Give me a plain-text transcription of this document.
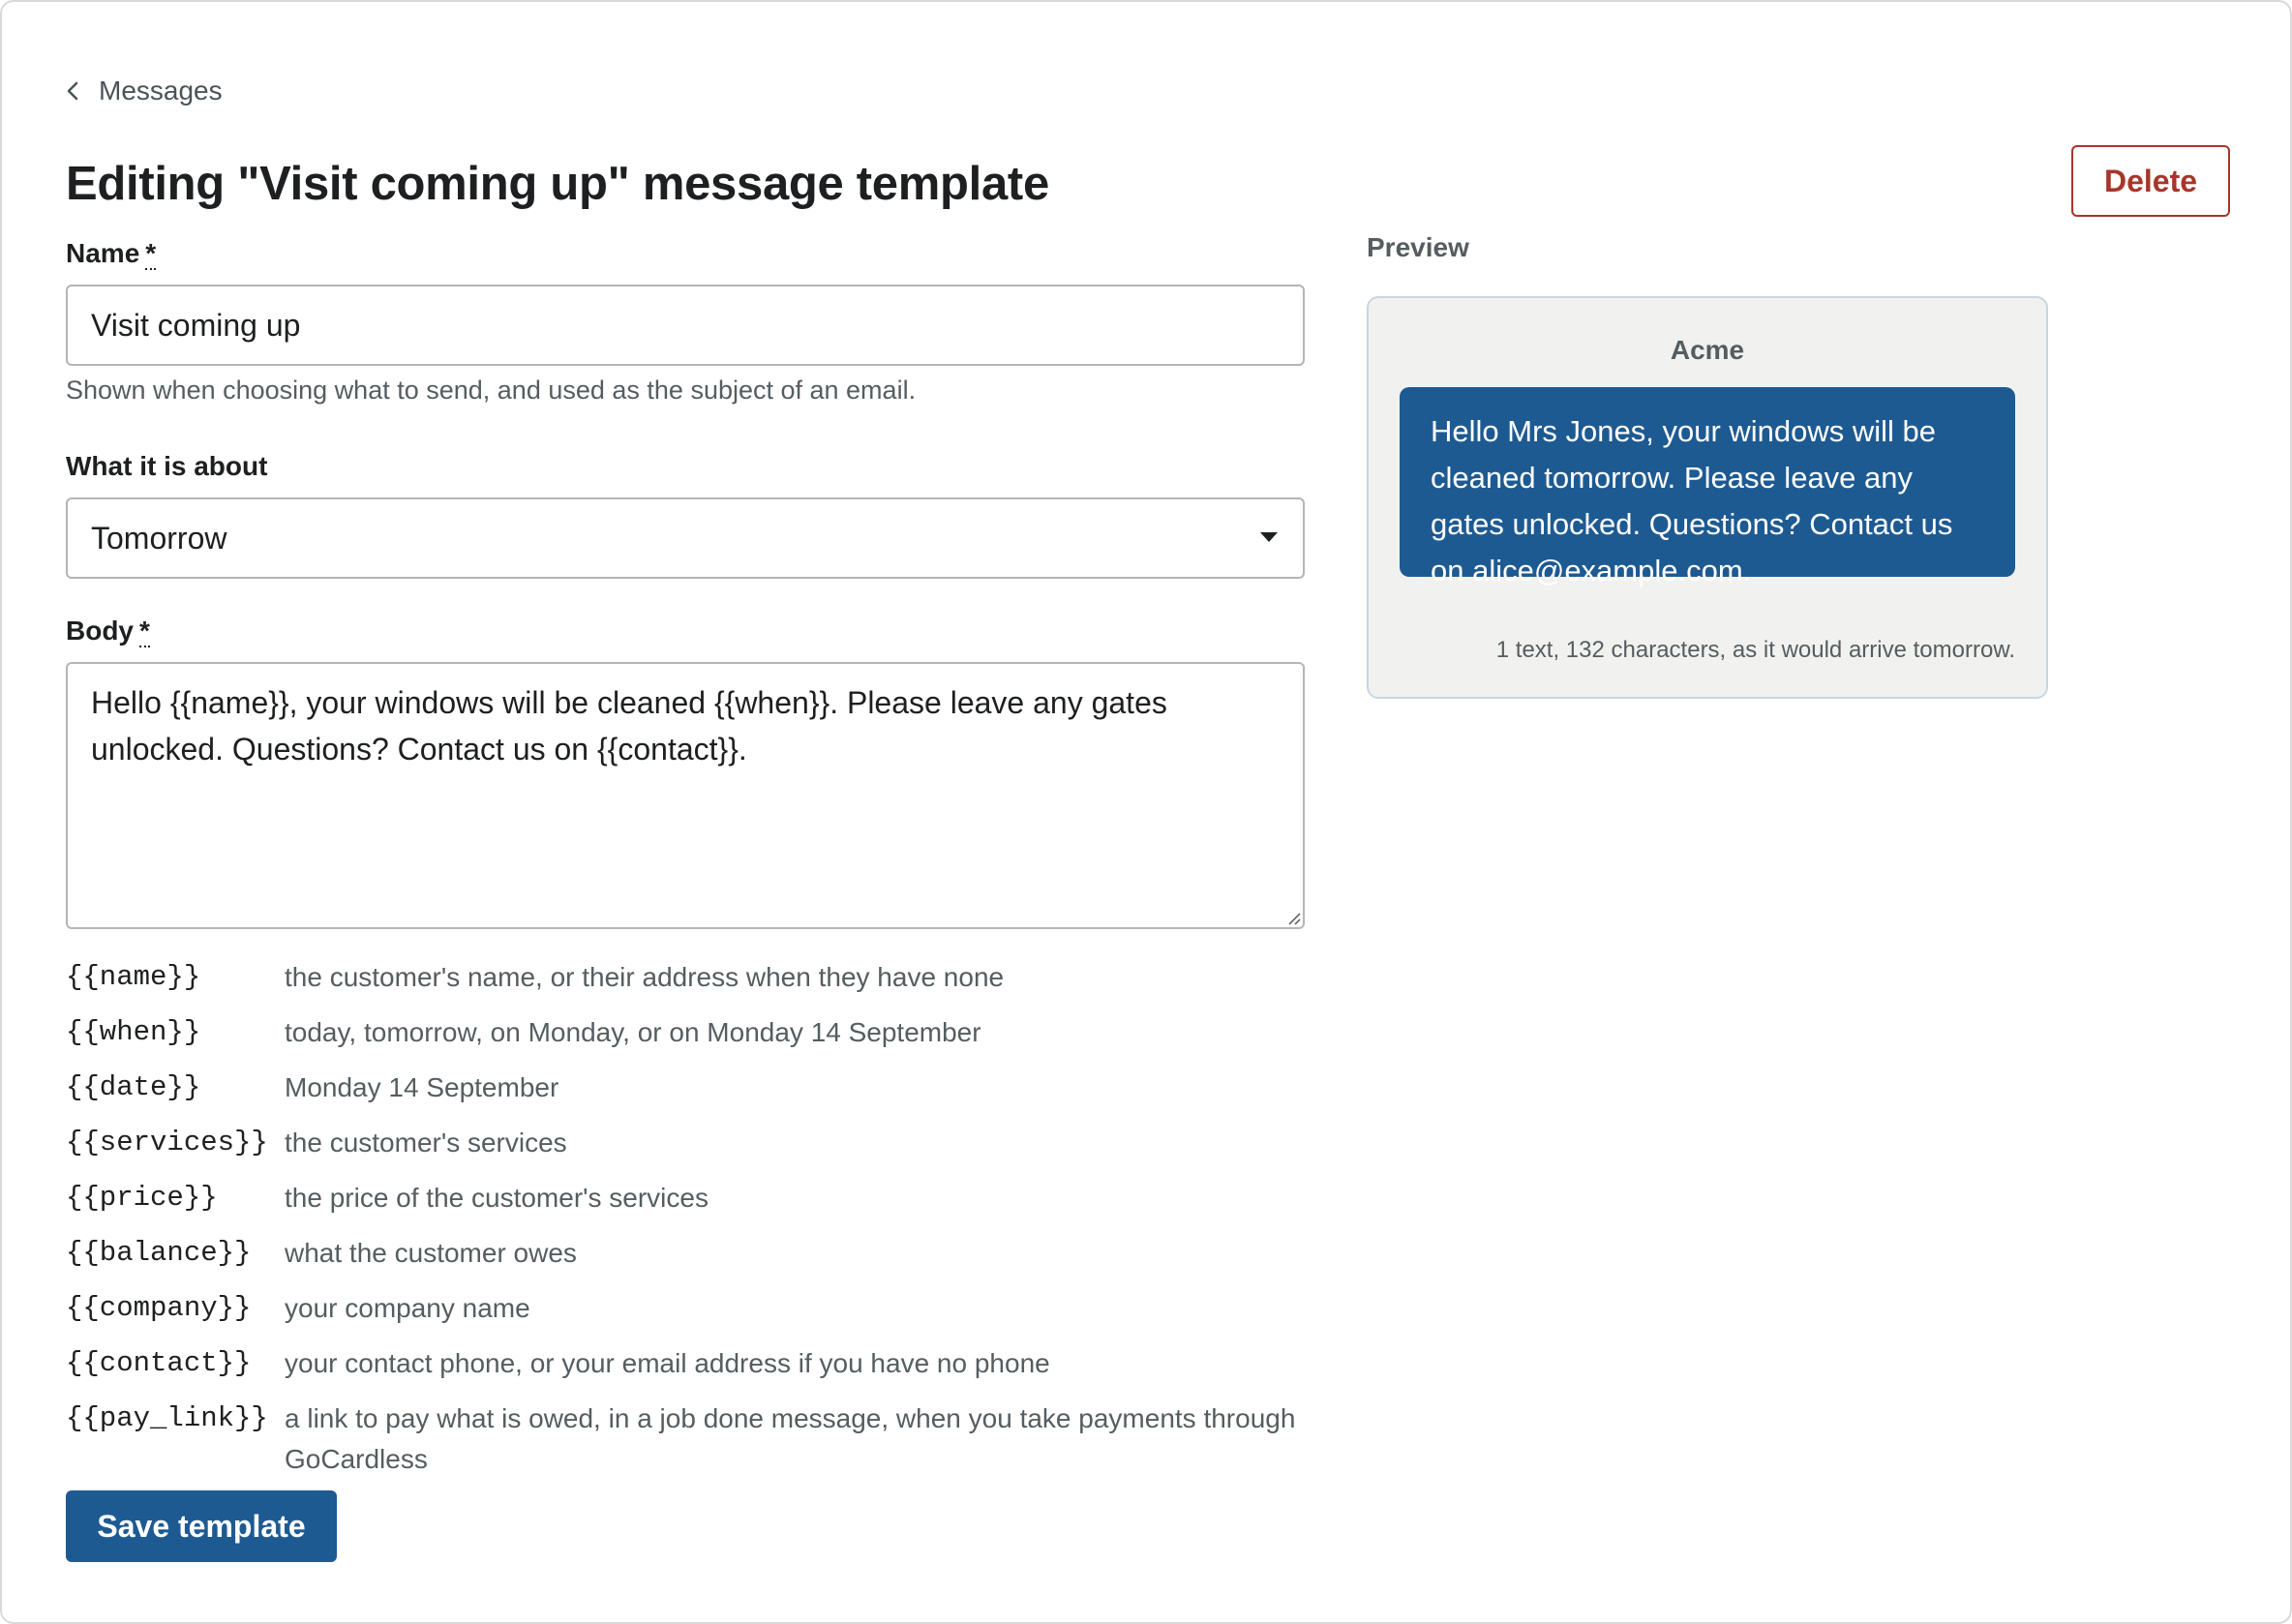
Messages
Editing "Visit coming up" message template	Delete
Name *
Visit coming up
Shown when choosing what to send, and used as the subject of an email.
What it is about
Tomorrow
Body *
Hello {{name}}, your windows will be cleaned {{when}}. Please leave any gates unlocked. Questions? Contact us on {{contact}}.
{{name}}	the customer's name, or their address when they have none
{{when}}	today, tomorrow, on Monday, or on Monday 14 September
{{date}}	Monday 14 September
{{services}} the customer's services
{{price}}	the price of the customer's services
{{balance}}	what the customer owes
{{company}}	your company name
{{contact}}	your contact phone, or your email address if you have no phone
{{pay_link}} a link to pay what is owed, in a job done message, when you take payments through GoCardless
Save template
Preview
Acme
Hello Mrs Jones, your windows will be cleaned tomorrow. Please leave any gates unlocked. Questions? Contact us on alice@example.com.
1 text, 132 characters, as it would arrive tomorrow.
